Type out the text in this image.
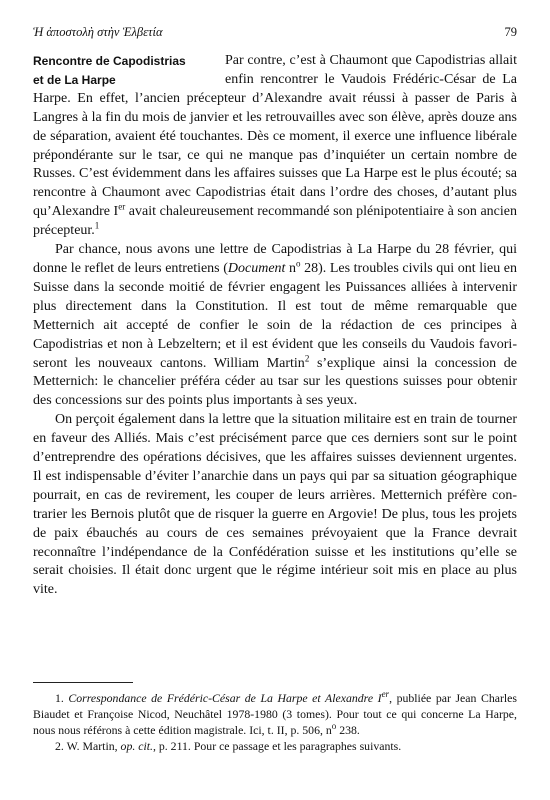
Ἡ ἀποστολὴ στὴν Ἑλβετία	79

Rencontre de Capodistrias
et de La Harpe
Par contre, c’est à Chaumont que Capodistrias allait enfin rencontrer le Vaudois Frédéric-César de La Harpe. En effet, l’ancien précepteur d’Alexandre avait réussi à passer de Paris à Langres à la fin du mois de janvier et les retrouvailles avec son élève, après douze ans de séparation, avaient été touchantes. Dès ce moment, il exerce une influence libérale prépondérante sur le tsar, ce qui ne manque pas d’inquiéter un certain nombre de Russes. C’est évidemment dans les affaires suisses que La Harpe est le plus écouté; sa rencontre à Chaumont avec Capodistrias était dans l’ordre des choses, d’autant plus qu’Alexandre Ier avait chaleureusement recommandé son plénipotentiaire à son ancien précepteur.$^1$

Par chance, nous avons une lettre de Capodistrias à La Harpe du 28 février, qui donne le reflet de leurs entretiens (Document $n^o$ 28). Les troubles civils qui ont lieu en Suisse dans la seconde moitié de février engagent les Puissances alliées à intervenir plus directement dans la Constitution. Il est tout de même remarquable que Metternich ait accepté de confier le soin de la rédaction de ces principes à Capodistrias et non à Lebzeltern; et il est évident que les conseils du Vaudois favoriseront les nouveaux cantons. William Martin$^2$ s’explique ainsi la concession de Metternich: le chancelier préféra céder au tsar sur les questions suisses pour obtenir des concessions sur des points plus importants à ses yeux.

On perçoit également dans la lettre que la situation militaire est en train de tourner en faveur des Alliés. Mais c’est précisément parce que ces derniers sont sur le point d’entreprendre des opérations décisives, que les affaires suisses deviennent urgentes. Il est indispensable d’éviter l’anarchie dans un pays qui par sa situation géographique pourrait, en cas de revirement, les couper de leurs arrières. Metternich préfère contrarier les Bernois plutôt que de risquer la guerre en Argovie! De plus, tous les projets de paix ébauchés au cours de ces semaines prévoyaient que la France devrait reconnaître l’indépendance de la Confédération suisse et les institutions qu’elle se serait choisies. Il était donc urgent que le régime intérieur soit mis en place au plus vite.

1. Correspondance de Frédéric-César de La Harpe et Alexandre Ier, publiée par Jean Charles Biaudet et Françoise Nicod, Neuchâtel 1978-1980 (3 tomes). Pour tout ce qui concerne La Harpe, nous nous référons à cette édition magistrale. Ici, t. II, p. 506, $n^o$ 238.

2. W. Martin, op. cit., p. 211. Pour ce passage et les paragraphes suivants.
